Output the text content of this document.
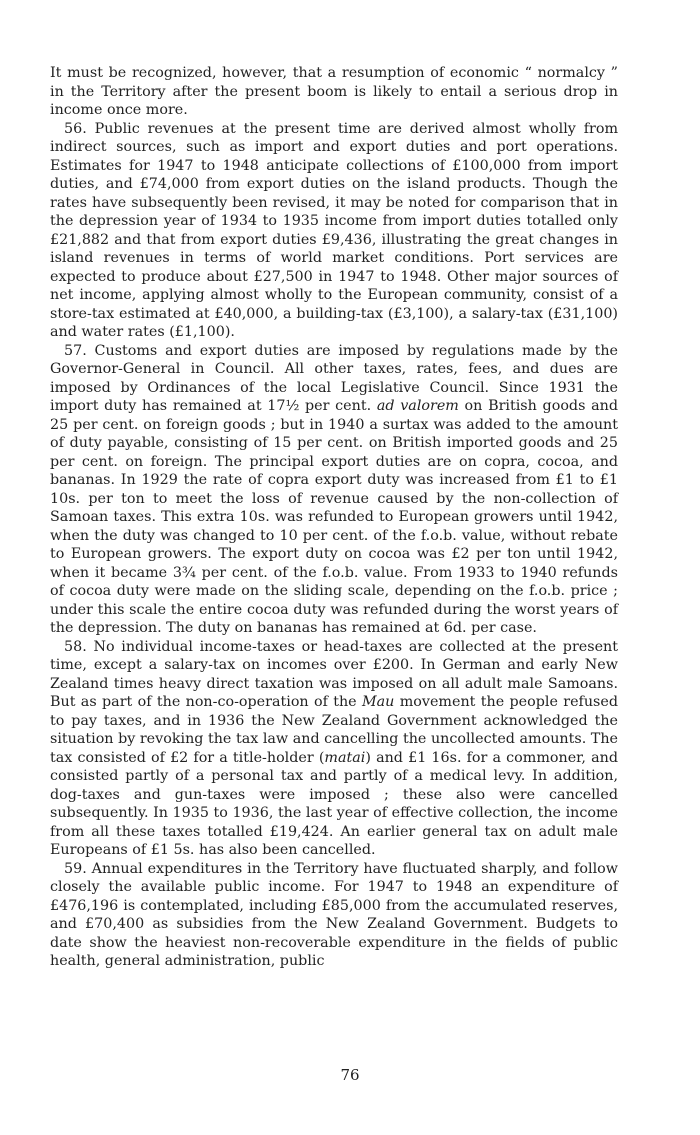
It must be recognized, however, that a resumption of economic “ normalcy ” in the Territory after the present boom is likely to entail a serious drop in income once more.

56. Public revenues at the present time are derived almost wholly from indirect sources, such as import and export duties and port operations. Estimates for 1947 to 1948 anticipate collections of £100,000 from import duties, and £74,000 from export duties on the island products. Though the rates have subsequently been revised, it may be noted for comparison that in the depression year of 1934 to 1935 income from import duties totalled only £21,882 and that from export duties £9,436, illustrating the great changes in island revenues in terms of world market conditions. Port services are expected to produce about £27,500 in 1947 to 1948. Other major sources of net income, applying almost wholly to the European community, consist of a store-tax estimated at £40,000, a building-tax (£3,100), a salary-tax (£31,100) and water rates (£1,100).

57. Customs and export duties are imposed by regulations made by the Governor-General in Council. All other taxes, rates, fees, and dues are imposed by Ordinances of the local Legislative Council. Since 1931 the import duty has remained at 17½ per cent. ad valorem on British goods and 25 per cent. on foreign goods ; but in 1940 a surtax was added to the amount of duty payable, consisting of 15 per cent. on British imported goods and 25 per cent. on foreign. The principal export duties are on copra, cocoa, and bananas. In 1929 the rate of copra export duty was increased from £1 to £1 10s. per ton to meet the loss of revenue caused by the non-collection of Samoan taxes. This extra 10s. was refunded to European growers until 1942, when the duty was changed to 10 per cent. of the f.o.b. value, without rebate to European growers. The export duty on cocoa was £2 per ton until 1942, when it became 3¾ per cent. of the f.o.b. value. From 1933 to 1940 refunds of cocoa duty were made on the sliding scale, depending on the f.o.b. price ; under this scale the entire cocoa duty was refunded during the worst years of the depression. The duty on bananas has remained at 6d. per case.

58. No individual income-taxes or head-taxes are collected at the present time, except a salary-tax on incomes over £200. In German and early New Zealand times heavy direct taxation was imposed on all adult male Samoans. But as part of the non-co-operation of the Mau movement the people refused to pay taxes, and in 1936 the New Zealand Government acknowledged the situation by revoking the tax law and cancelling the uncollected amounts. The tax consisted of £2 for a title-holder (matai) and £1 16s. for a commoner, and consisted partly of a personal tax and partly of a medical levy. In addition, dog-taxes and gun-taxes were imposed ; these also were cancelled subsequently. In 1935 to 1936, the last year of effective collection, the income from all these taxes totalled £19,424. An earlier general tax on adult male Europeans of £1 5s. has also been cancelled.

59. Annual expenditures in the Territory have fluctuated sharply, and follow closely the available public income. For 1947 to 1948 an expenditure of £476,196 is contemplated, including £85,000 from the accumulated reserves, and £70,400 as subsidies from the New Zealand Government. Budgets to date show the heaviest non-recoverable expenditure in the fields of public health, general administration, public

76
